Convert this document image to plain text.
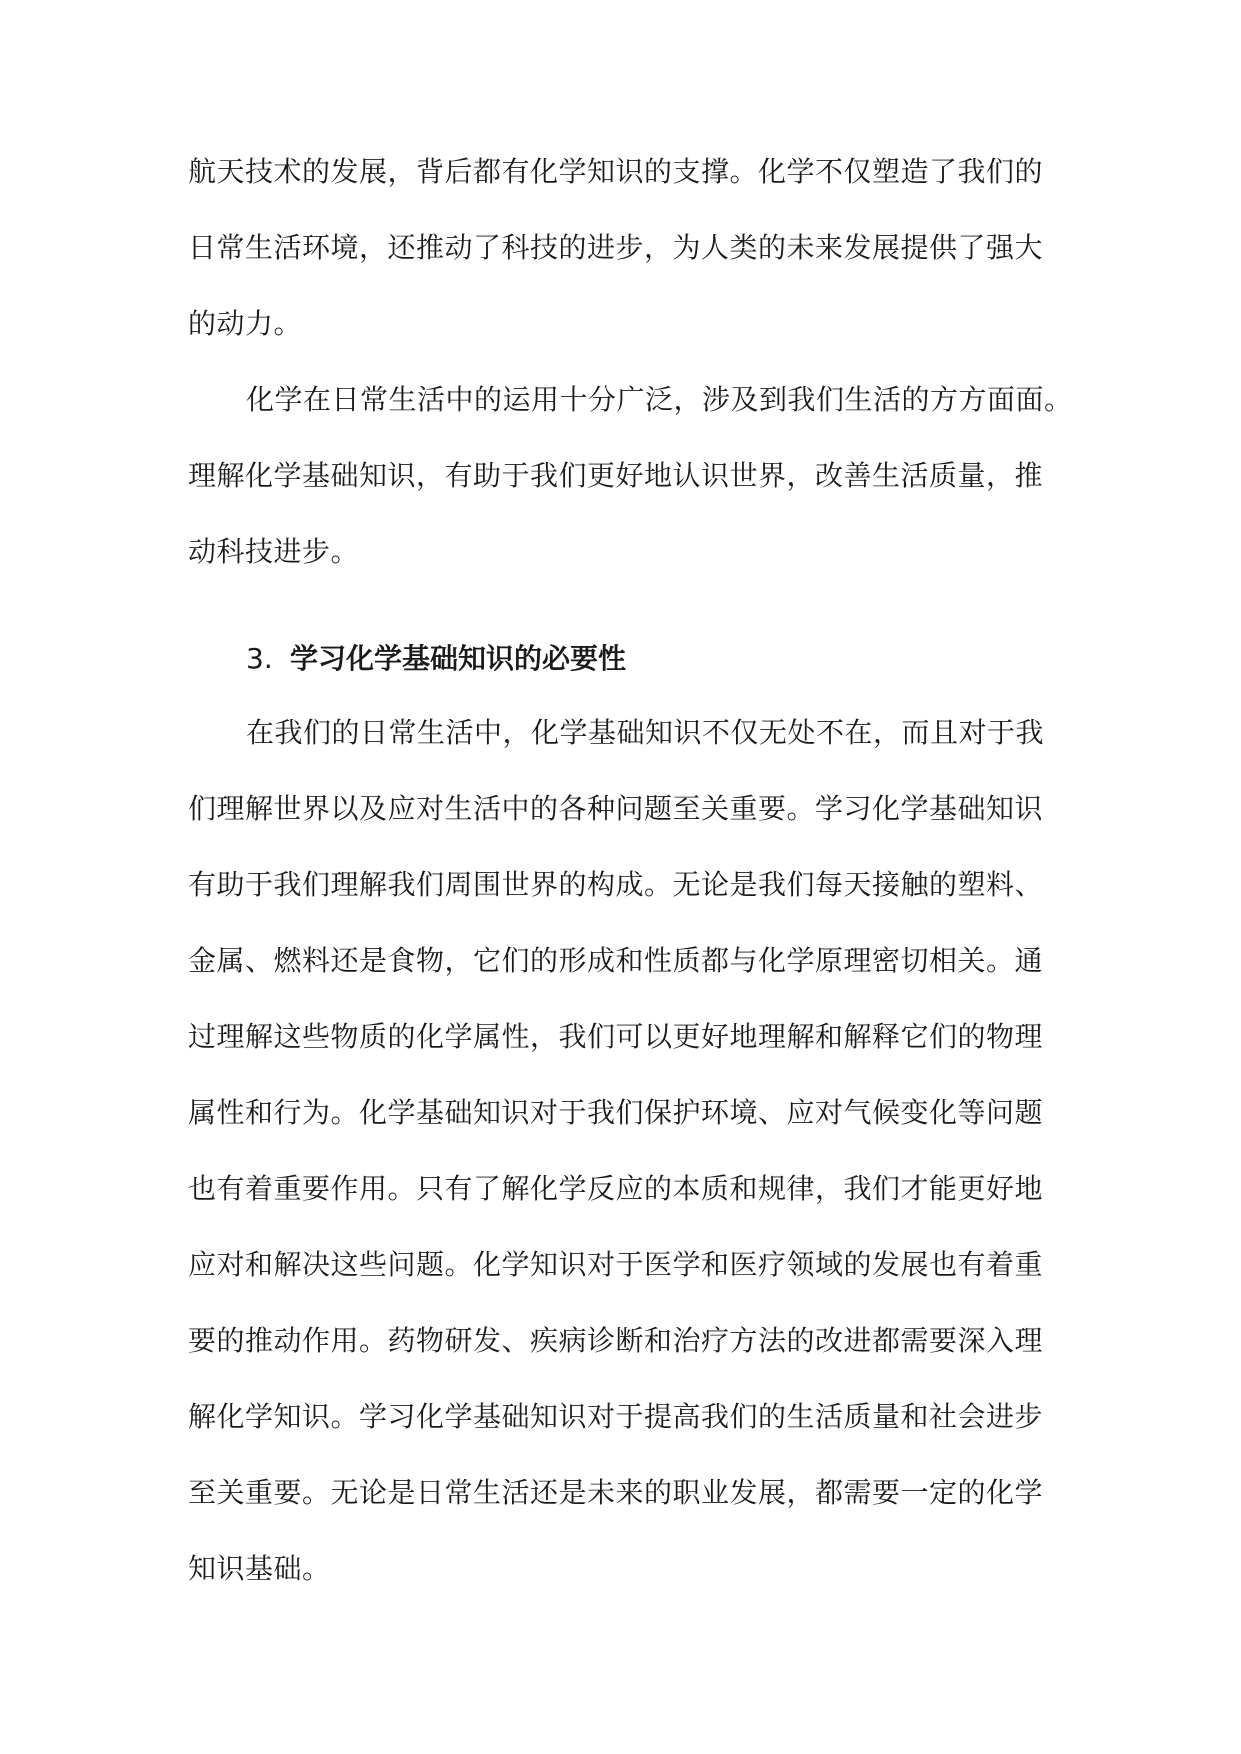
航天技术的发展，背后都有化学知识的支撑。化学不仅塑造了我们的
日常生活环境，还推动了科技的进步，为人类的未来发展提供了强大
的动力。
化学在日常生活中的运用十分广泛，涉及到我们生活的方方面面。
理解化学基础知识，有助于我们更好地认识世界，改善生活质量，推
动科技进步。
3. 学习化学基础知识的必要性
在我们的日常生活中，化学基础知识不仅无处不在，而且对于我
们理解世界以及应对生活中的各种问题至关重要。学习化学基础知识
有助于我们理解我们周围世界的构成。无论是我们每天接触的塑料、
金属、燃料还是食物，它们的形成和性质都与化学原理密切相关。通
过理解这些物质的化学属性，我们可以更好地理解和解释它们的物理
属性和行为。化学基础知识对于我们保护环境、应对气候变化等问题
也有着重要作用。只有了解化学反应的本质和规律，我们才能更好地
应对和解决这些问题。化学知识对于医学和医疗领域的发展也有着重
要的推动作用。药物研发、疾病诊断和治疗方法的改进都需要深入理
解化学知识。学习化学基础知识对于提高我们的生活质量和社会进步
至关重要。无论是日常生活还是未来的职业发展，都需要一定的化学
知识基础。
